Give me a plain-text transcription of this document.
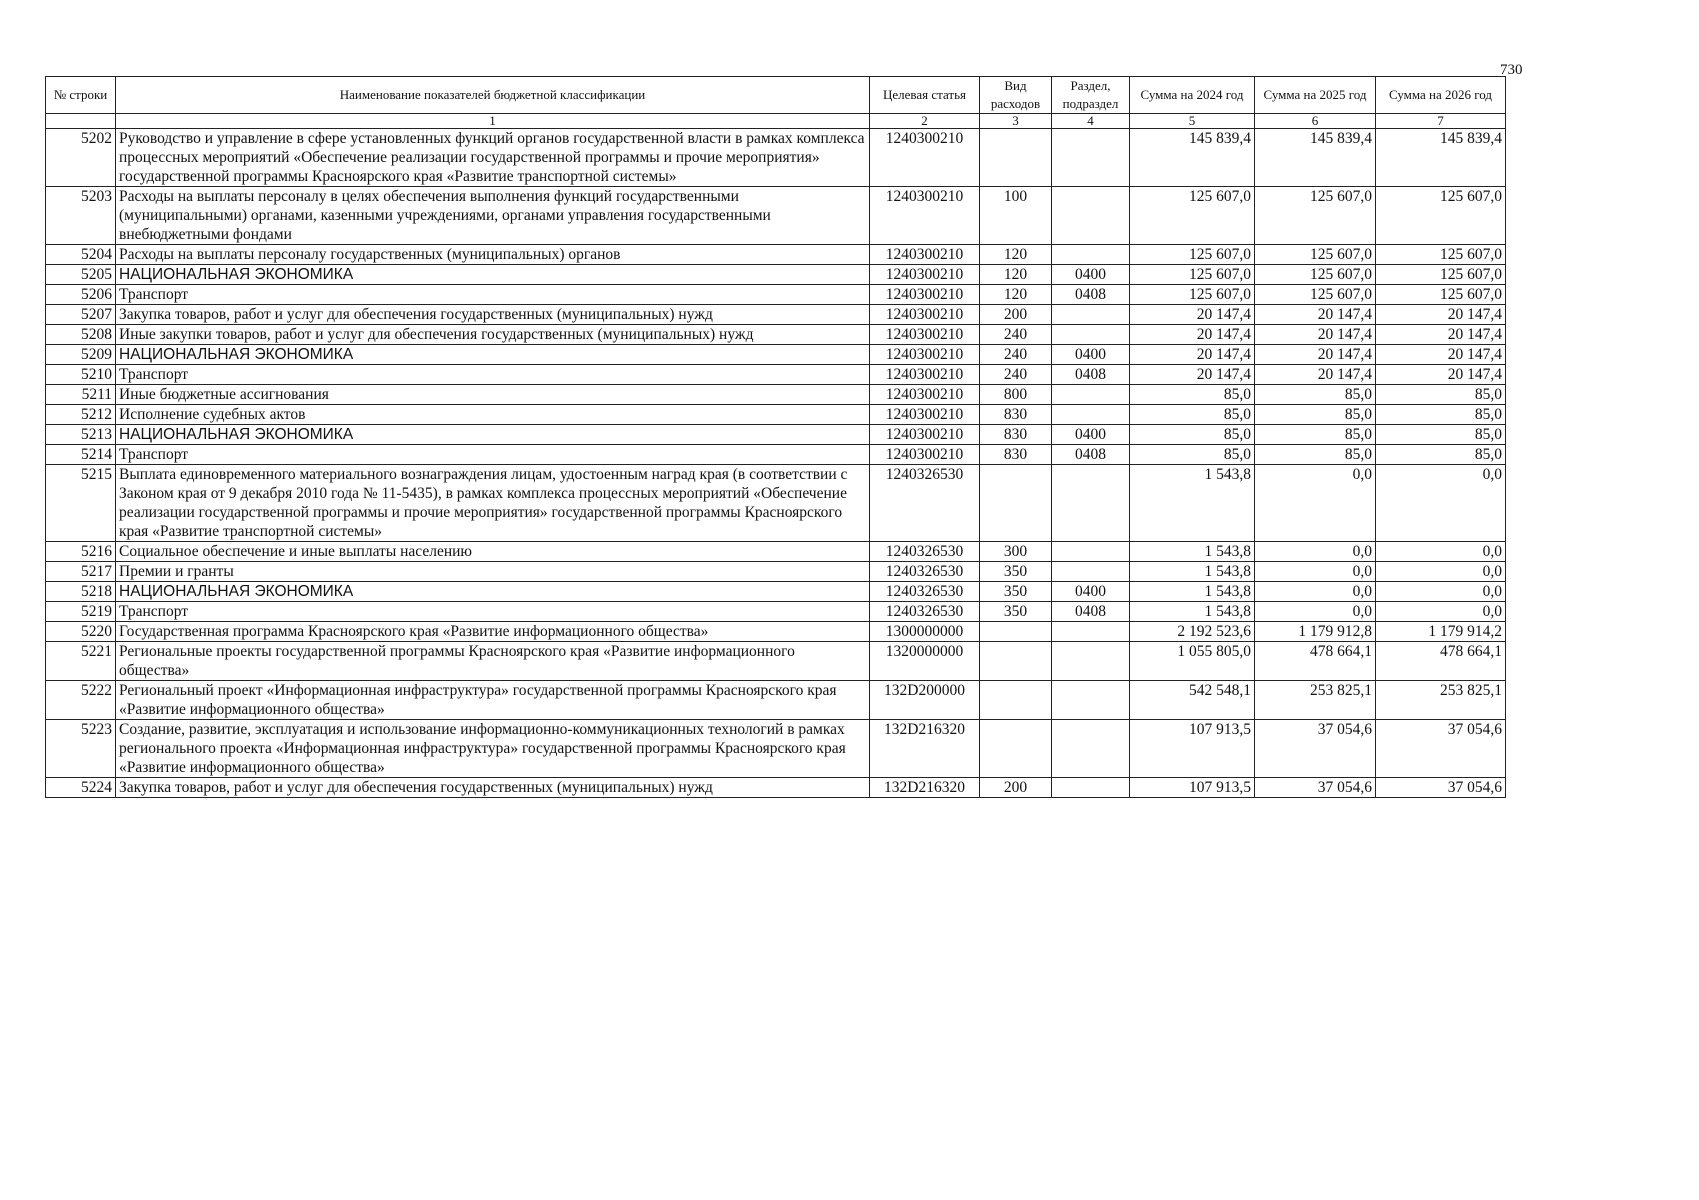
730
№ строки	Наименование показателей бюджетной классификации	Целевая статья	Вид расходов	Раздел, подраздел	Сумма на 2024 год	Сумма на 2025 год	Сумма на 2026 год
	1	2	3	4	5	6	7
5202	Руководство и управление в сфере установленных функций органов государственной власти в рамках комплекса процессных мероприятий «Обеспечение реализации государственной программы и прочие мероприятия» государственной программы Красноярского края «Развитие транспортной системы»	1240300210			145 839,4	145 839,4	145 839,4
5203	Расходы на выплаты персоналу в целях обеспечения выполнения функций государственными (муниципальными) органами, казенными учреждениями, органами управления государственными внебюджетными фондами	1240300210	100		125 607,0	125 607,0	125 607,0
5204	Расходы на выплаты персоналу государственных (муниципальных) органов	1240300210	120		125 607,0	125 607,0	125 607,0
5205	НАЦИОНАЛЬНАЯ ЭКОНОМИКА	1240300210	120	0400	125 607,0	125 607,0	125 607,0
5206	Транспорт	1240300210	120	0408	125 607,0	125 607,0	125 607,0
5207	Закупка товаров, работ и услуг для обеспечения государственных (муниципальных) нужд	1240300210	200		20 147,4	20 147,4	20 147,4
5208	Иные закупки товаров, работ и услуг для обеспечения государственных (муниципальных) нужд	1240300210	240		20 147,4	20 147,4	20 147,4
5209	НАЦИОНАЛЬНАЯ ЭКОНОМИКА	1240300210	240	0400	20 147,4	20 147,4	20 147,4
5210	Транспорт	1240300210	240	0408	20 147,4	20 147,4	20 147,4
5211	Иные бюджетные ассигнования	1240300210	800		85,0	85,0	85,0
5212	Исполнение судебных актов	1240300210	830		85,0	85,0	85,0
5213	НАЦИОНАЛЬНАЯ ЭКОНОМИКА	1240300210	830	0400	85,0	85,0	85,0
5214	Транспорт	1240300210	830	0408	85,0	85,0	85,0
5215	Выплата единовременного материального вознаграждения лицам, удостоенным наград края (в соответствии с Законом края от 9 декабря 2010 года № 11-5435), в рамках комплекса процессных мероприятий «Обеспечение реализации государственной программы и прочие мероприятия» государственной программы Красноярского края «Развитие транспортной системы»	1240326530			1 543,8	0,0	0,0
5216	Социальное обеспечение и иные выплаты населению	1240326530	300		1 543,8	0,0	0,0
5217	Премии и гранты	1240326530	350		1 543,8	0,0	0,0
5218	НАЦИОНАЛЬНАЯ ЭКОНОМИКА	1240326530	350	0400	1 543,8	0,0	0,0
5219	Транспорт	1240326530	350	0408	1 543,8	0,0	0,0
5220	Государственная программа Красноярского края «Развитие информационного общества»	1300000000			2 192 523,6	1 179 912,8	1 179 914,2
5221	Региональные проекты государственной программы Красноярского края «Развитие информационного общества»	1320000000			1 055 805,0	478 664,1	478 664,1
5222	Региональный проект «Информационная инфраструктура» государственной программы Красноярского края «Развитие информационного общества»	132D200000			542 548,1	253 825,1	253 825,1
5223	Создание, развитие, эксплуатация и использование информационно-коммуникационных технологий в рамках регионального проекта «Информационная инфраструктура» государственной программы Красноярского края «Развитие информационного общества»	132D216320			107 913,5	37 054,6	37 054,6
5224	Закупка товаров, работ и услуг для обеспечения государственных (муниципальных) нужд	132D216320	200		107 913,5	37 054,6	37 054,6
